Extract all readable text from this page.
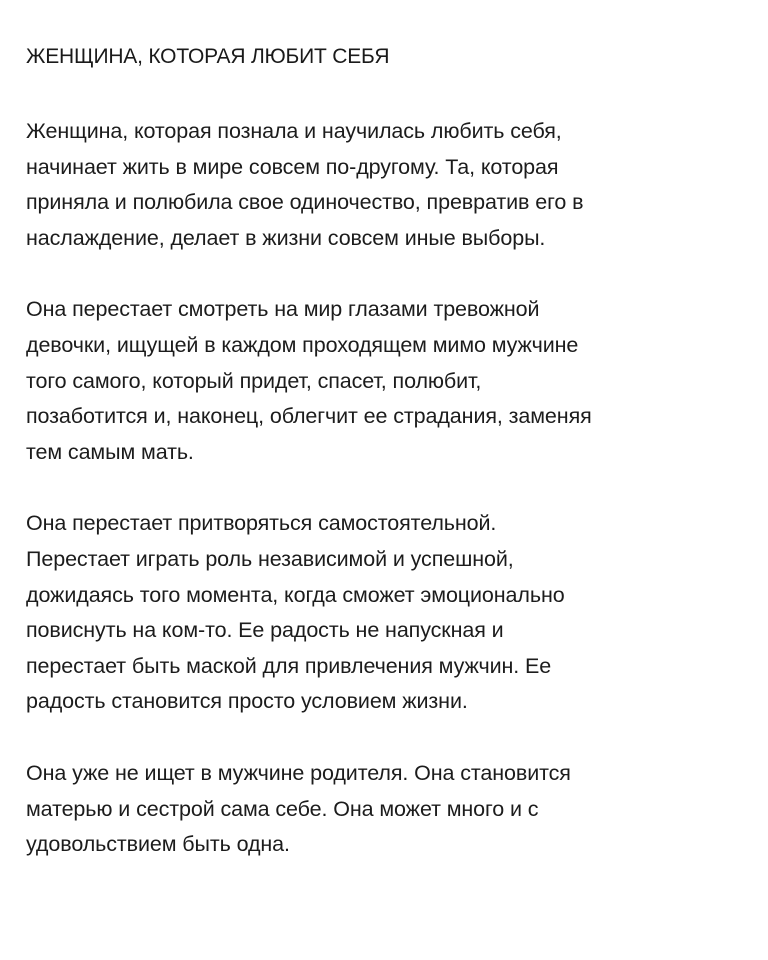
ЖЕНЩИНА, КОТОРАЯ ЛЮБИТ СЕБЯ

Женщина, которая познала и научилась любить себя,
начинает жить в мире совсем по-другому. Та, которая
приняла и полюбила свое одиночество, превратив его в
наслаждение, делает в жизни совсем иные выборы.

Она перестает смотреть на мир глазами тревожной
девочки, ищущей в каждом проходящем мимо мужчине
того самого, который придет, спасет, полюбит,
позаботится и, наконец, облегчит ее страдания, заменяя
тем самым мать.

Она перестает притворяться самостоятельной.
Перестает играть роль независимой и успешной,
дожидаясь того момента, когда сможет эмоционально
повиснуть на ком-то. Ее радость не напускная и
перестает быть маской для привлечения мужчин. Ее
радость становится просто условием жизни.

Она уже не ищет в мужчине родителя. Она становится
матерью и сестрой сама себе. Она может много и с
удовольствием быть одна.
